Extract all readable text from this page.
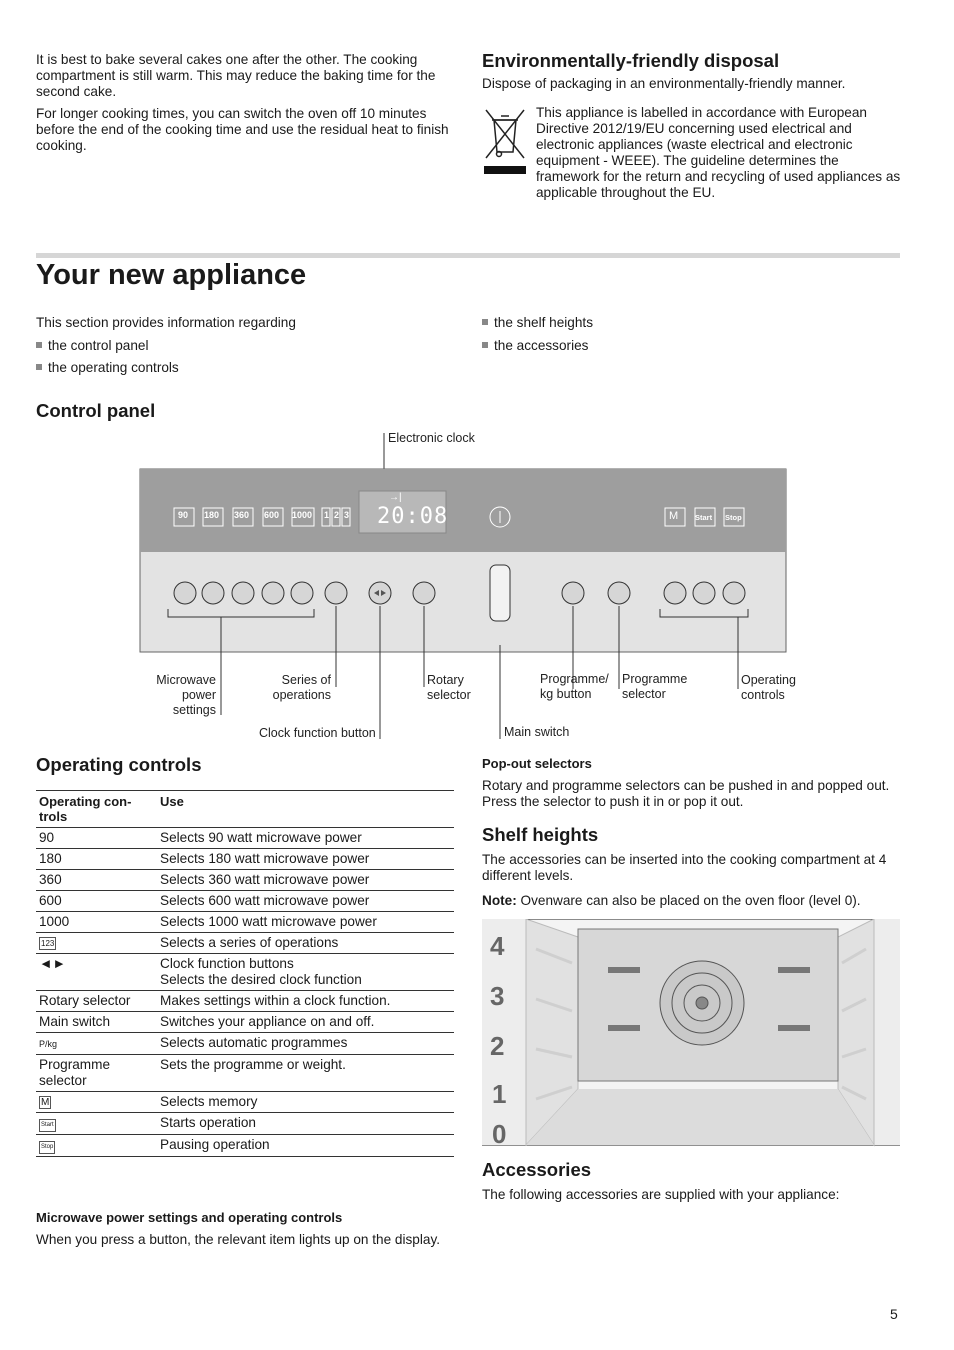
It is best to bake several cakes one after the other. The cooking compartment is still warm. This may reduce the baking time for the second cake.

For longer cooking times, you can switch the oven off 10 minutes before the end of the cooking time and use the residual heat to finish cooking.

Environmentally-friendly disposal

Dispose of packaging in an environmentally-friendly manner.

This appliance is labelled in accordance with European Directive 2012/19/EU concerning used electrical and electronic appliances (waste electrical and electronic equipment - WEEE). The guideline determines the framework for the return and recycling of used appliances as applicable throughout the EU.

Your new appliance

This section provides information regarding

the control panel
the operating controls
the shelf heights
the accessories
Control panel
90 180 360 600 1000 1 2 3
→|
20:08	M Start Stop
Electronic clock
Microwave power settings
Series of operations
Clock function button
Rotary selector
Main switch
Programme/ kg button
Programme selector
Operating controls
Operating controls
Operating con-trols	Use
90	Selects 90 watt microwave power
180	Selects 180 watt microwave power
360	Selects 360 watt microwave power
600	Selects 600 watt microwave power
1000	Selects 1000 watt microwave power
123	Selects a series of operations
◄►	Clock function buttons
Selects the desired clock function

Rotary selector	Makes settings within a clock function.
Main switch	Switches your appliance on and off.
P/kg	Selects automatic programmes
Programme selector	Sets the programme or weight.
M	Selects memory
Start	Starts operation
Stop	Pausing operation
Microwave power settings and operating controls

When you press a button, the relevant item lights up on the display.

Pop-out selectors

Rotary and programme selectors can be pushed in and popped out. Press the selector to push it in or pop it out.

Shelf heights

The accessories can be inserted into the cooking compartment at 4 different levels.

Note: Ovenware can also be placed on the oven floor (level 0).

4
3
2
1
0
Accessories

The following accessories are supplied with your appliance:

5
